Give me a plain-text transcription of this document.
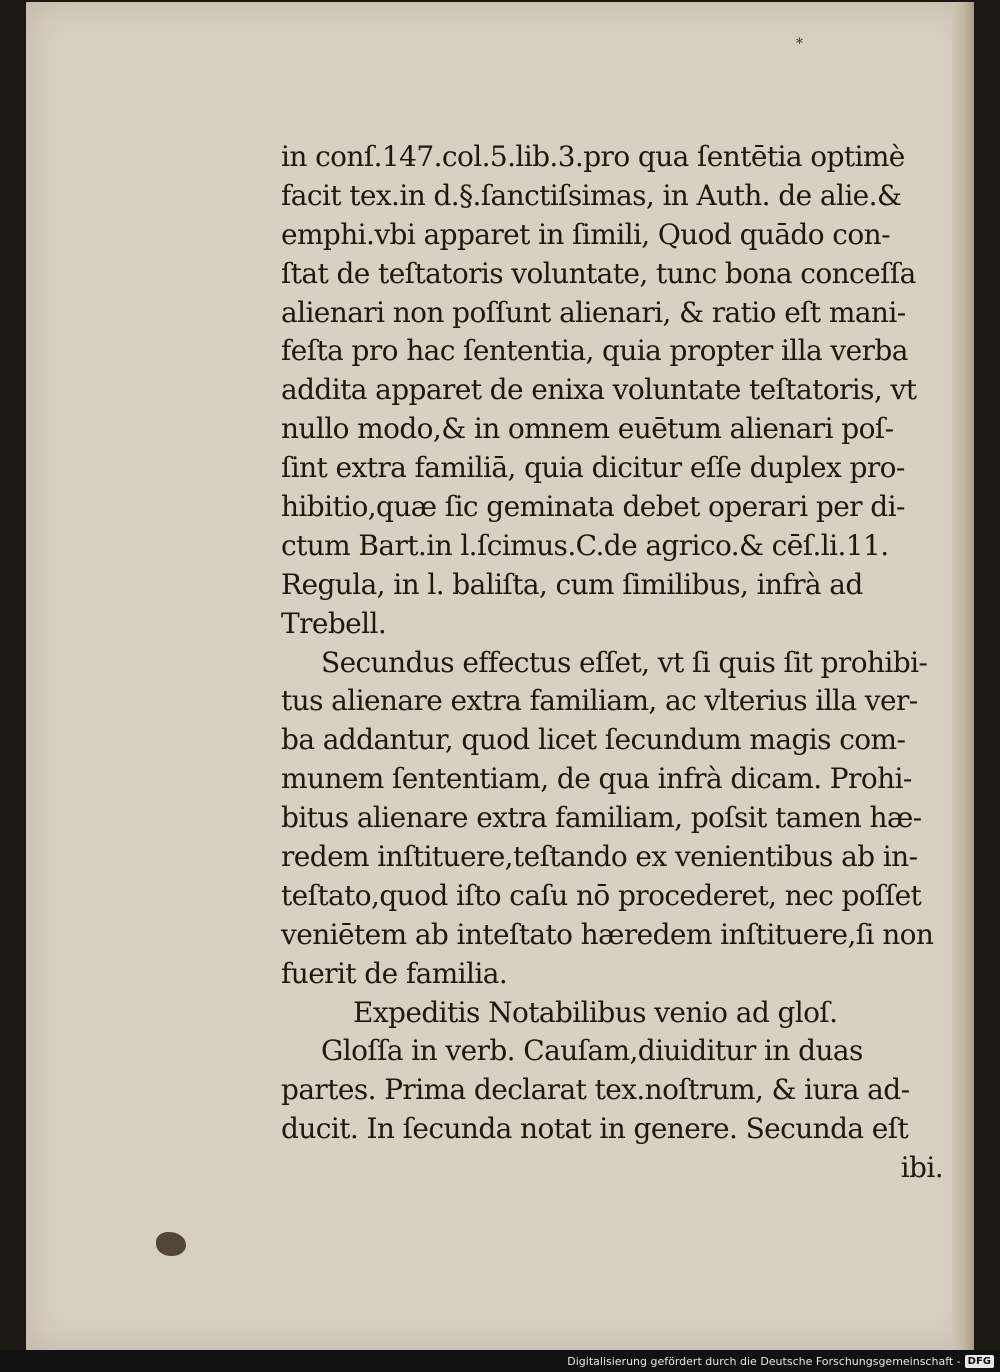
*
in conſ.147.col.5.lib.3.pro qua ſentētia optimè
facit tex.in d.§.ſanctiſsimas, in Auth. de alie.&
emphi.vbi apparet in ſimili, Quod quādo con-
ſtat de teſtatoris voluntate, tunc bona conceſſa
alienari non poſſunt alienari, & ratio eſt mani-
feſta pro hac ſententia, quia propter illa verba
addita apparet de enixa voluntate teſtatoris, vt
nullo modo,& in omnem euētum alienari poſ-
ſint extra familiā, quia dicitur eſſe duplex pro-
hibitio,quæ ſic geminata debet operari per di-
ctum Bart.in l.ſcimus.C.de agrico.& cēſ.li.11.
Regula, in l. baliſta, cum ſimilibus, infrà ad
Trebell.
Secundus effectus eſſet, vt ſi quis ſit prohibi-
tus alienare extra familiam, ac vlterius illa ver-
ba addantur, quod licet ſecundum magis com-
munem ſententiam, de qua infrà dicam. Prohi-
bitus alienare extra familiam, poſsit tamen hæ-
redem inſtituere,teſtando ex venientibus ab in-
teſtato,quod iſto caſu nō procederet, nec poſſet
veniētem ab inteſtato hæredem inſtituere,ſi non
fuerit de familia.
Expeditis Notabilibus venio ad gloſ.
Gloſſa in verb. Cauſam,diuiditur in duas
partes. Prima declarat tex.noſtrum, & iura ad-
ducit. In ſecunda notat in genere. Secunda eſt
ibi.
Digitalisierung gefördert durch die Deutsche Forschungsgemeinschaft - DFG
